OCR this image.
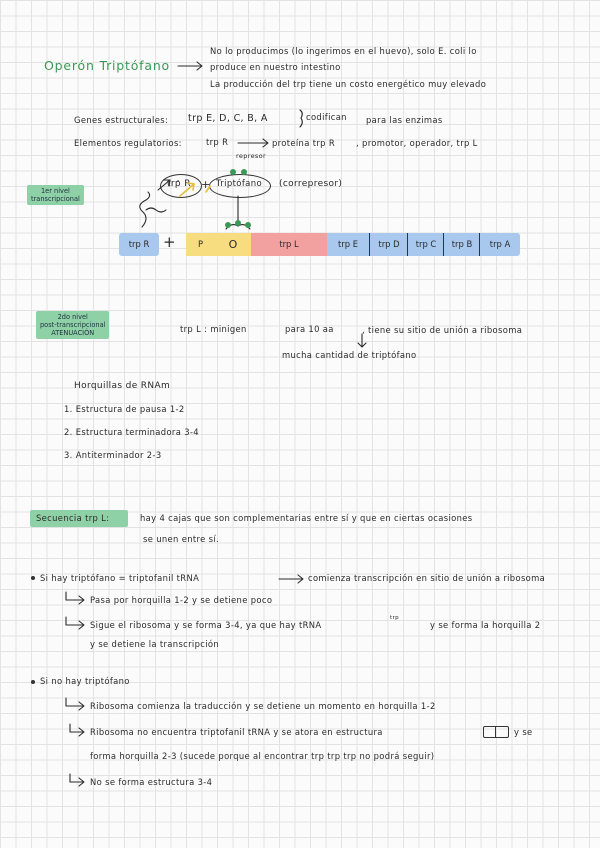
Operón Triptófano
No lo producimos (lo ingerimos en el huevo), solo E. coli lo
produce en nuestro intestino
La producción del trp tiene un costo energético muy elevado
Genes estructurales: trp E, D, C, B, A	codifican para las enzimas
Elementos regulatorios:	trp R	proteína trp R	, promotor, operador, trp L
represor
1er nivel
transcripcional
trp R + Triptófano (correpresor)
trp R +	P	O	trp L	trp E	trp D	trp C	trp B	trp A
2do nivel
post-transcripcional
ATENUACIÓN	trp L : minigen	para 10 aa	, tiene su sitio de unión a ribosoma
mucha cantidad de triptófano
Horquillas de RNAm
1. Estructura de pausa 1-2
2. Estructura terminadora 3-4
3. Antiterminador 2-3
Secuencia trp L:	hay 4 cajas que son complementarias entre sí y que en ciertas ocasiones
se unen entre sí.
Si hay triptófano = triptofanil tRNA	comienza transcripción en sitio de unión a ribosoma
Pasa por horquilla 1-2 y se detiene poco
Sigue el ribosoma y se forma 3-4, ya que hay tRNA
trp
y se forma la horquilla 2
y se detiene la transcripción
Si no hay triptófano
Ribosoma comienza la traducción y se detiene un momento en horquilla 1-2
Ribosoma no encuentra triptofanil tRNA y se atora en estructura	y se
forma horquilla 2-3 (sucede porque al encontrar trp trp trp no podrá seguir)
No se forma estructura 3-4
